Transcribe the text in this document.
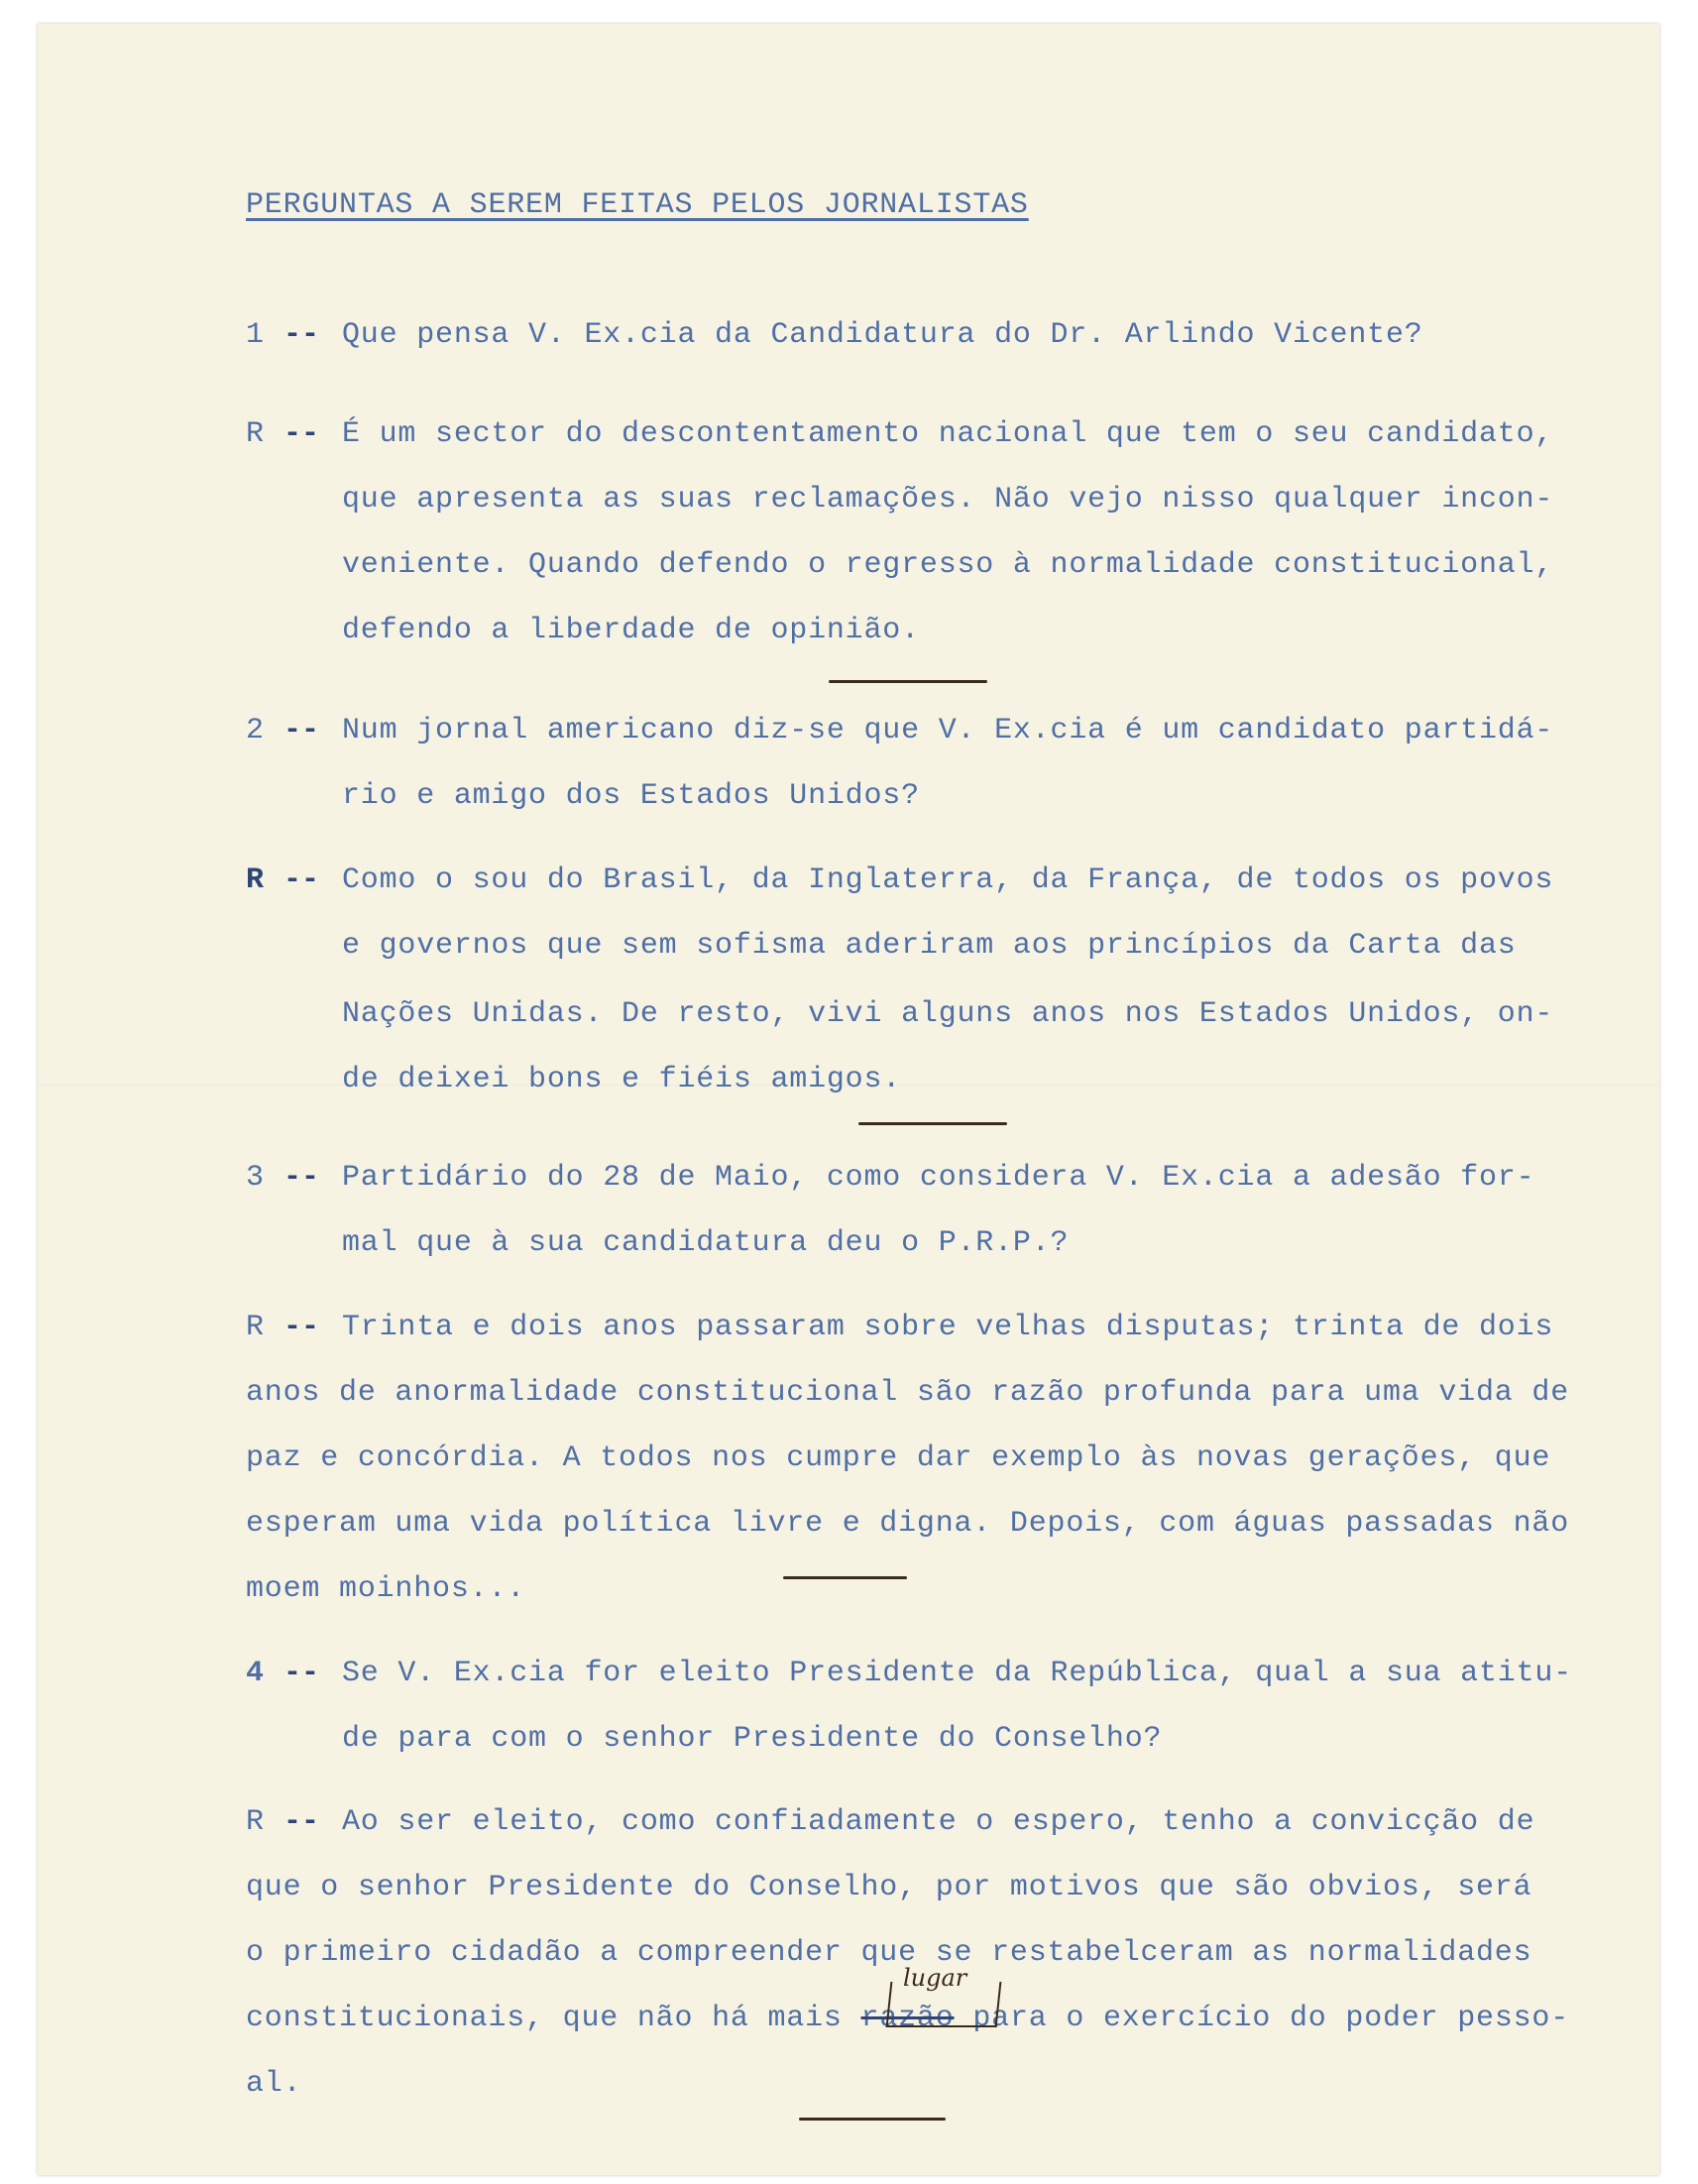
PERGUNTAS A SEREM FEITAS PELOS JORNALISTAS
1 -- Que pensa V. Ex.cia da Candidatura do Dr. Arlindo Vicente?
R -- É um sector do descontentamento nacional que tem o seu candidato,
que apresenta as suas reclamações. Não vejo nisso qualquer incon-
veniente. Quando defendo o regresso à normalidade constitucional,
defendo a liberdade de opinião.
2 -- Num jornal americano diz-se que V. Ex.cia é um candidato partidá-
rio e amigo dos Estados Unidos?
R -- Como o sou do Brasil, da Inglaterra, da França, de todos os povos
e governos que sem sofisma aderiram aos princípios da Carta das
Nações Unidas. De resto, vivi alguns anos nos Estados Unidos, on-
de deixei bons e fiéis amigos.
3 -- Partidário do 28 de Maio, como considera V. Ex.cia a adesão for-
mal que à sua candidatura deu o P.R.P.?
R -- Trinta e dois anos passaram sobre velhas disputas; trinta de dois
anos de anormalidade constitucional são razão profunda para uma vida de
paz e concórdia. A todos nos cumpre dar exemplo às novas gerações, que
esperam uma vida política livre e digna. Depois, com águas passadas não
moem moinhos...
4 -- Se V. Ex.cia for eleito Presidente da República, qual a sua atitu-
de para com o senhor Presidente do Conselho?
R -- Ao ser eleito, como confiadamente o espero, tenho a convicção de
que o senhor Presidente do Conselho, por motivos que são obvios, será
o primeiro cidadão a compreender que se restabelceram as normalidades
constitucionais, que não há mais razão para o exercício do poder pesso-
lugar
al.
